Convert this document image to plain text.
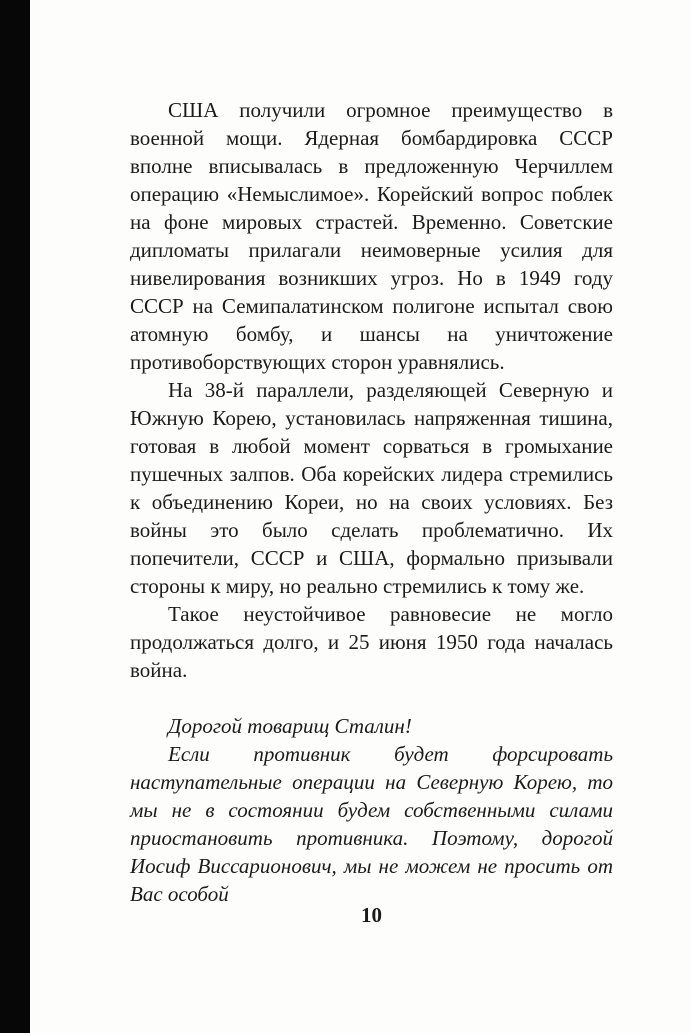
США получили огромное преимущество в военной мощи. Ядерная бомбардировка СССР вполне вписывалась в предложенную Черчиллем операцию «Немыслимое». Корейский вопрос поблек на фоне мировых страстей. Временно. Советские дипломаты прилагали неимоверные усилия для нивелирования возникших угроз. Но в 1949 году СССР на Семипалатинском полигоне испытал свою атомную бомбу, и шансы на уничтожение противоборствующих сторон уравнялись.

На 38-й параллели, разделяющей Северную и Южную Корею, установилась напряженная тишина, готовая в любой момент сорваться в громыхание пушечных залпов. Оба корейских лидера стремились к объединению Кореи, но на своих условиях. Без войны это было сделать проблематично. Их попечители, СССР и США, формально призывали стороны к миру, но реально стремились к тому же.

Такое неустойчивое равновесие не могло продолжаться долго, и 25 июня 1950 года началась война.

Дорогой товарищ Сталин!

Если противник будет форсировать наступательные операции на Северную Корею, то мы не в состоянии будем собственными силами приостановить противника. Поэтому, дорогой Иосиф Виссарионович, мы не можем не просить от Вас особой

10
